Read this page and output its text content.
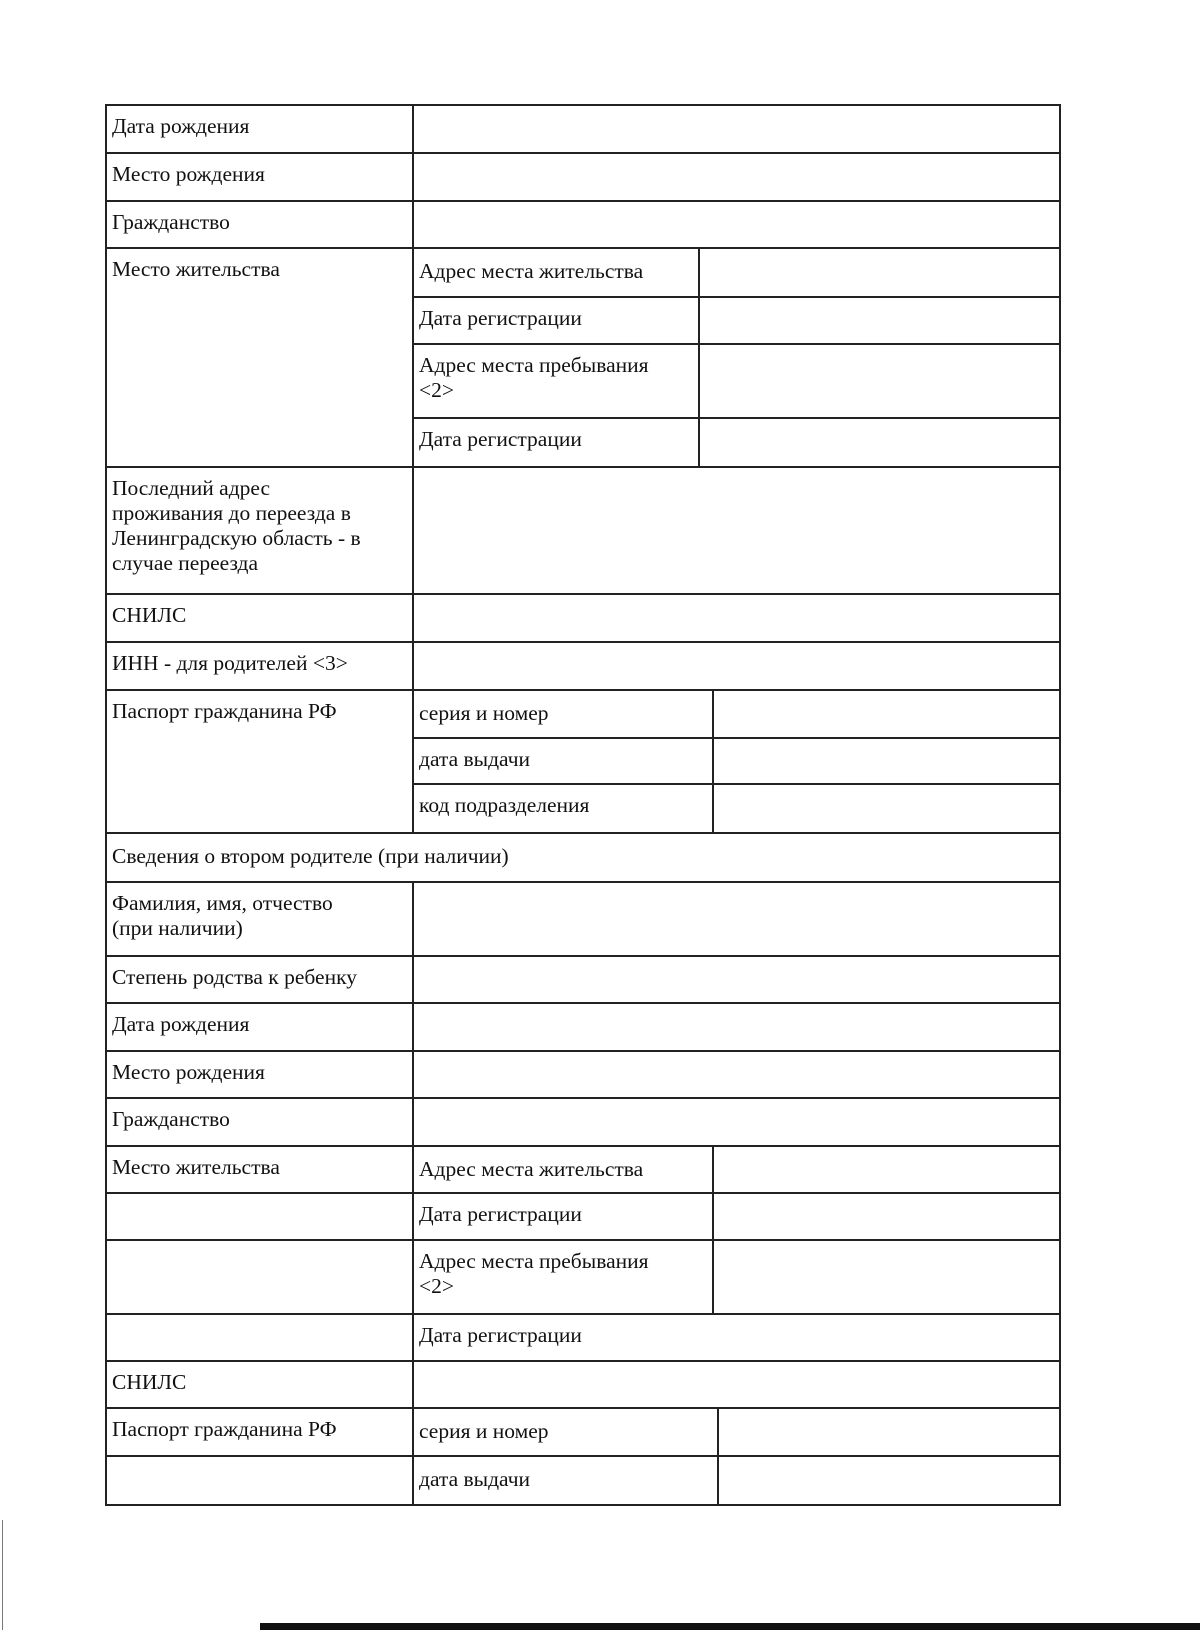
Дата рождения
Место рождения
Гражданство
Место жительства	Адрес места жительства
Дата регистрации
Адрес места пребывания
<2>
Дата регистрации
Последний адрес
проживания до переезда в
Ленинградскую область - в
случае переезда
СНИЛС
ИНН - для родителей <3>
Паспорт гражданина РФ	серия и номер
дата выдачи
код подразделения
Сведения о втором родителе (при наличии)
Фамилия, имя, отчество
(при наличии)
Степень родства к ребенку
Дата рождения
Место рождения
Гражданство
Место жительства	Адрес места жительства
Дата регистрации
Адрес места пребывания
<2>
Дата регистрации
СНИЛС
Паспорт гражданина РФ	серия и номер
дата выдачи
